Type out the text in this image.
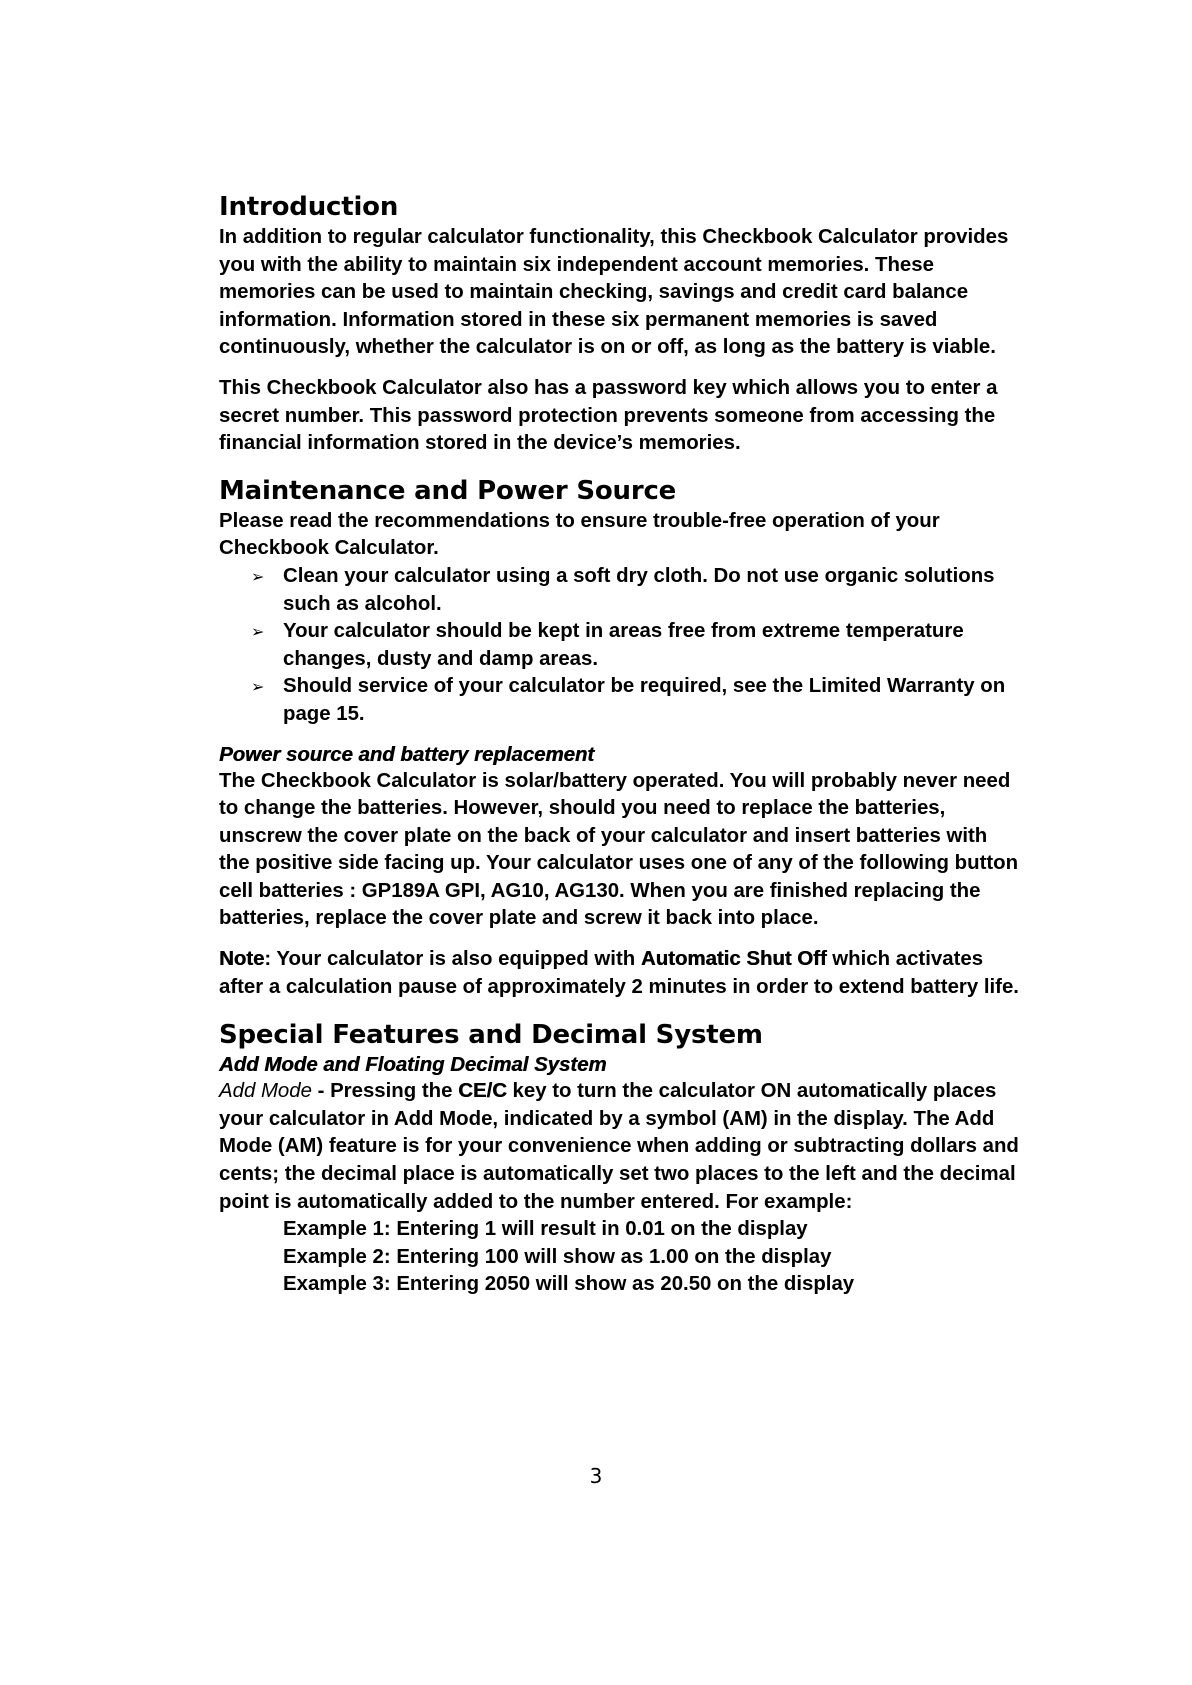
Introduction

In addition to regular calculator functionality, this Checkbook Calculator provides you with the ability to maintain six independent account memories. These memories can be used to maintain checking, savings and credit card balance information. Information stored in these six permanent memories is saved continuously, whether the calculator is on or off, as long as the battery is viable.

This Checkbook Calculator also has a password key which allows you to enter a secret number. This password protection prevents someone from accessing the financial information stored in the device’s memories.

Maintenance and Power Source

Please read the recommendations to ensure trouble-free operation of your Checkbook Calculator.

➢ Clean your calculator using a soft dry cloth. Do not use organic solutions such as alcohol.
➢ Your calculator should be kept in areas free from extreme temperature changes, dusty and damp areas.
➢ Should service of your calculator be required, see the Limited Warranty on page 15.
Power source and battery replacement

The Checkbook Calculator is solar/battery operated. You will probably never need to change the batteries. However, should you need to replace the batteries, unscrew the cover plate on the back of your calculator and insert batteries with the positive side facing up. Your calculator uses one of any of the following button cell batteries : GP189A GPI, AG10, AG130. When you are finished replacing the batteries, replace the cover plate and screw it back into place.

Note: Your calculator is also equipped with Automatic Shut Off which activates after a calculation pause of approximately 2 minutes in order to extend battery life.

Special Features and Decimal System
Add Mode and Floating Decimal System

Add Mode - Pressing the CE/C key to turn the calculator ON automatically places your calculator in Add Mode, indicated by a symbol (AM) in the display. The Add Mode (AM) feature is for your convenience when adding or subtracting dollars and cents; the decimal place is automatically set two places to the left and the decimal point is automatically added to the number entered. For example:

Example 1: Entering 1 will result in 0.01 on the display
Example 2: Entering 100 will show as 1.00 on the display
Example 3: Entering 2050 will show as 20.50 on the display
3
